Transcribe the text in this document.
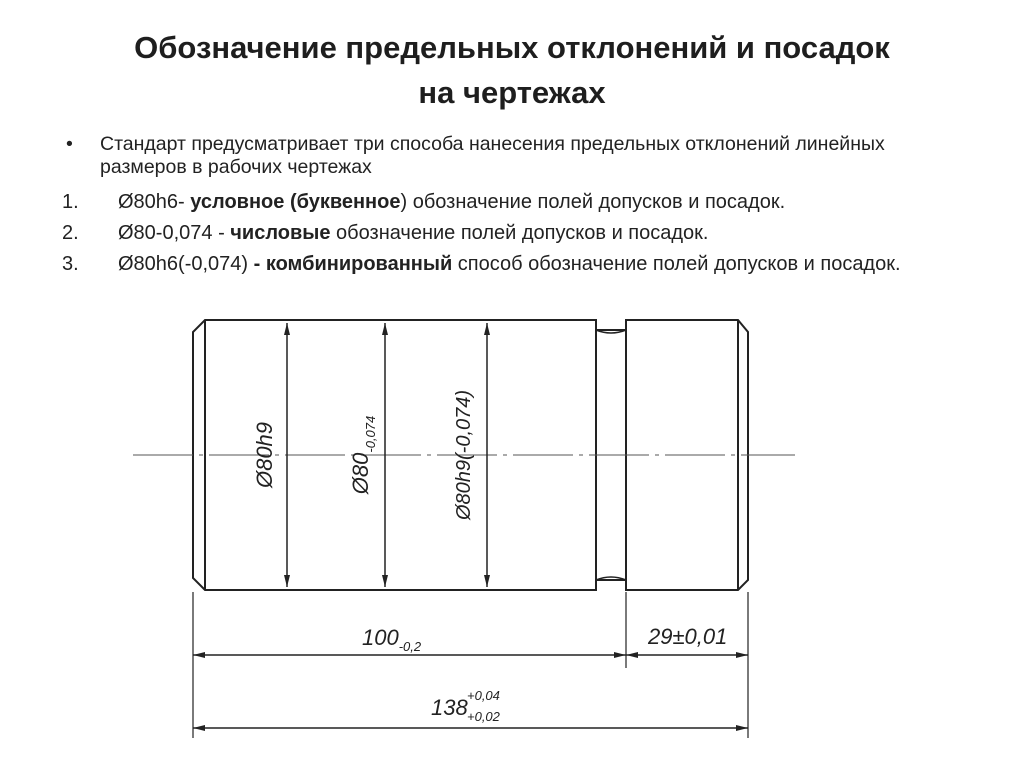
Обозначение предельных отклонений и посадок
на чертежах
• Стандарт предусматривает три способа нанесения предельных отклонений линейных размеров в рабочих чертежах
1. Ø80h6- условное (буквенное) обозначение полей допусков и посадок.
2. Ø80-0,074 - числовые обозначение полей допусков и посадок.
3. Ø80h6(-0,074) - комбинированный способ обозначение полей допусков и посадок.
Ø80h9	$Ø80_{-0,074}$	Ø80h9(-0,074)
$100_{-0,2}$	29±0,01
138 +0,04
+0,02
